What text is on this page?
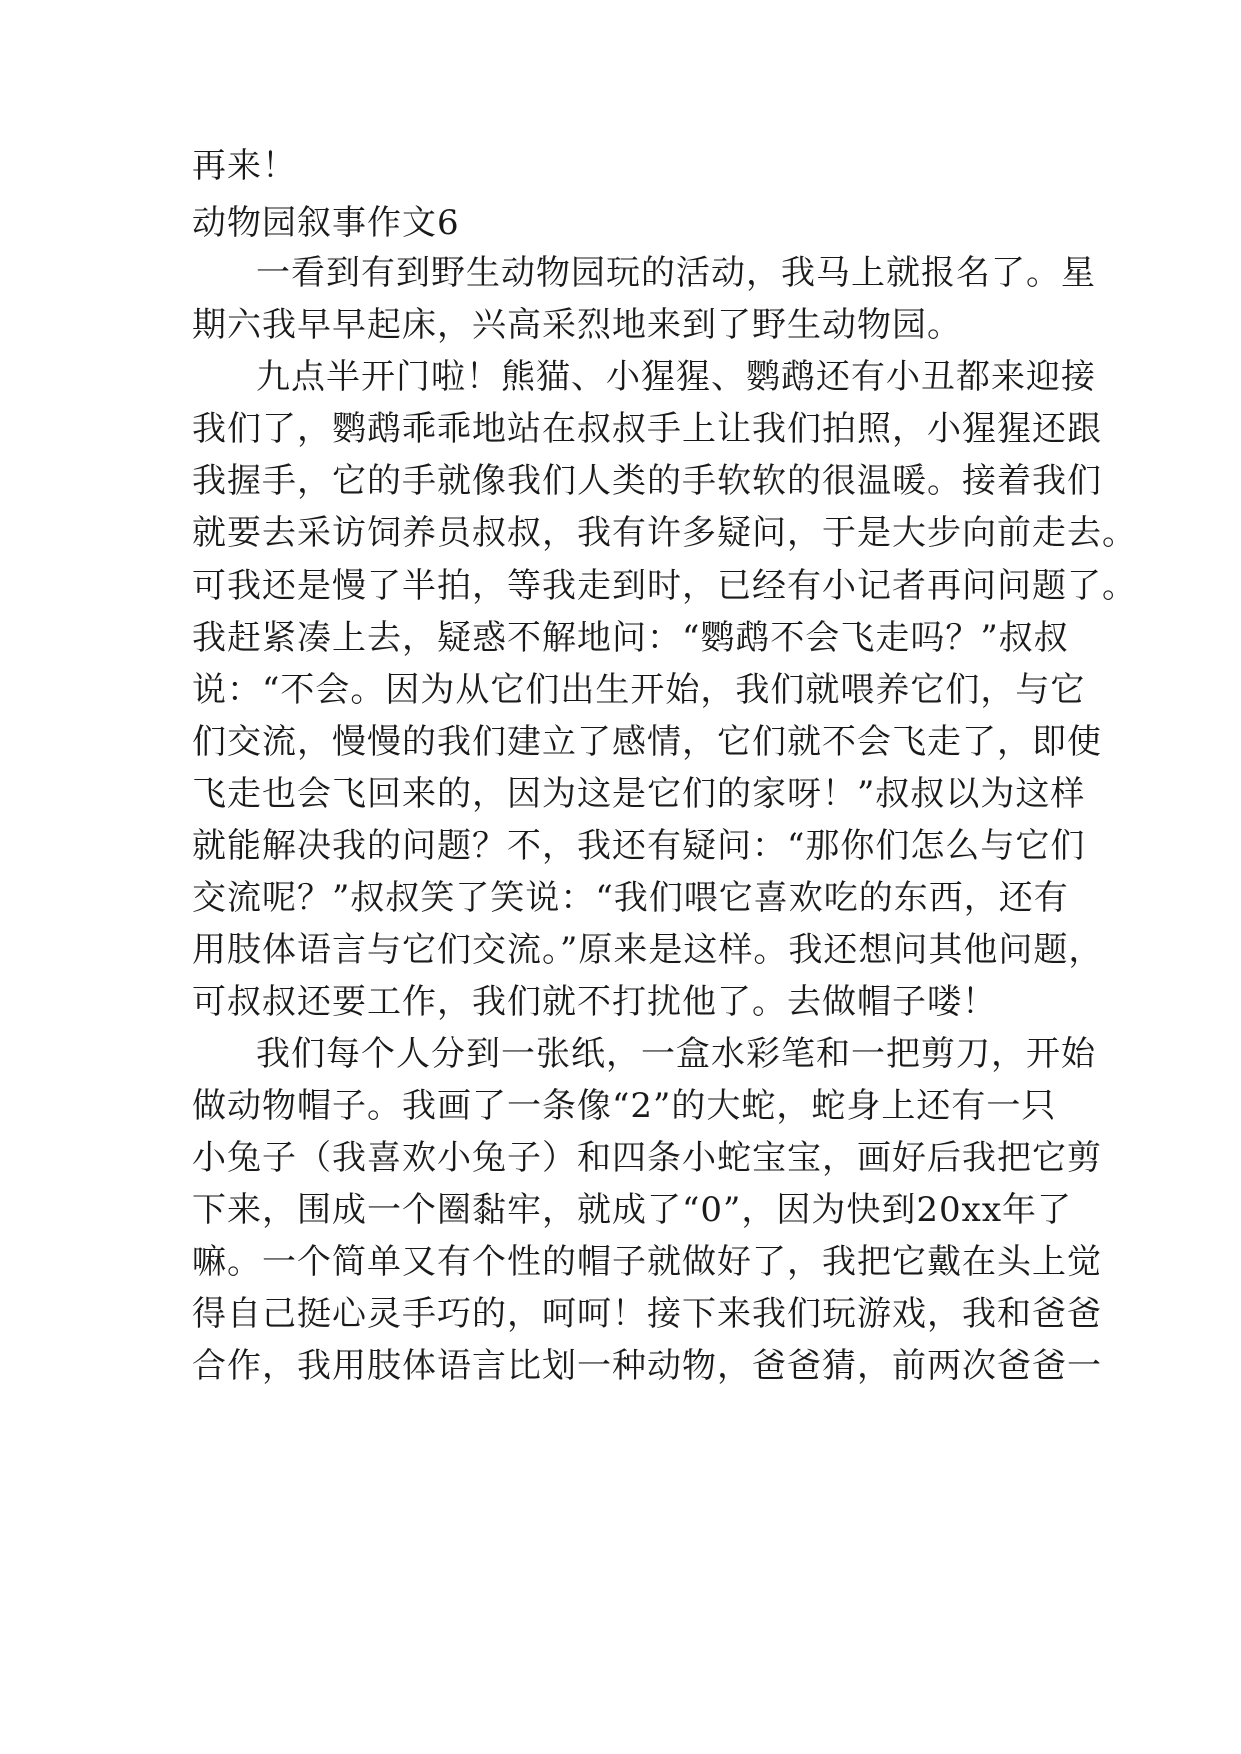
再来！
动物园叙事作文6
一看到有到野生动物园玩的活动，我马上就报名了。星
期六我早早起床，兴高采烈地来到了野生动物园。
九点半开门啦！熊猫、小猩猩、鹦鹉还有小丑都来迎接
我们了，鹦鹉乖乖地站在叔叔手上让我们拍照，小猩猩还跟
我握手，它的手就像我们人类的手软软的很温暖。接着我们
就要去采访饲养员叔叔，我有许多疑问，于是大步向前走去。
可我还是慢了半拍，等我走到时，已经有小记者再问问题了。
我赶紧凑上去，疑惑不解地问：“鹦鹉不会飞走吗？”叔叔
说：“不会。因为从它们出生开始，我们就喂养它们，与它
们交流，慢慢的我们建立了感情，它们就不会飞走了，即使
飞走也会飞回来的，因为这是它们的家呀！”叔叔以为这样
就能解决我的问题？不，我还有疑问：“那你们怎么与它们
交流呢？”叔叔笑了笑说：“我们喂它喜欢吃的东西，还有
用肢体语言与它们交流。”原来是这样。我还想问其他问题，
可叔叔还要工作，我们就不打扰他了。去做帽子喽！
我们每个人分到一张纸，一盒水彩笔和一把剪刀，开始
做动物帽子。我画了一条像“2”的大蛇，蛇身上还有一只
小兔子（我喜欢小兔子）和四条小蛇宝宝，画好后我把它剪
下来，围成一个圈黏牢，就成了“0”，因为快到20xx年了
嘛。一个简单又有个性的帽子就做好了，我把它戴在头上觉
得自己挺心灵手巧的，呵呵！接下来我们玩游戏，我和爸爸
合作，我用肢体语言比划一种动物，爸爸猜，前两次爸爸一
